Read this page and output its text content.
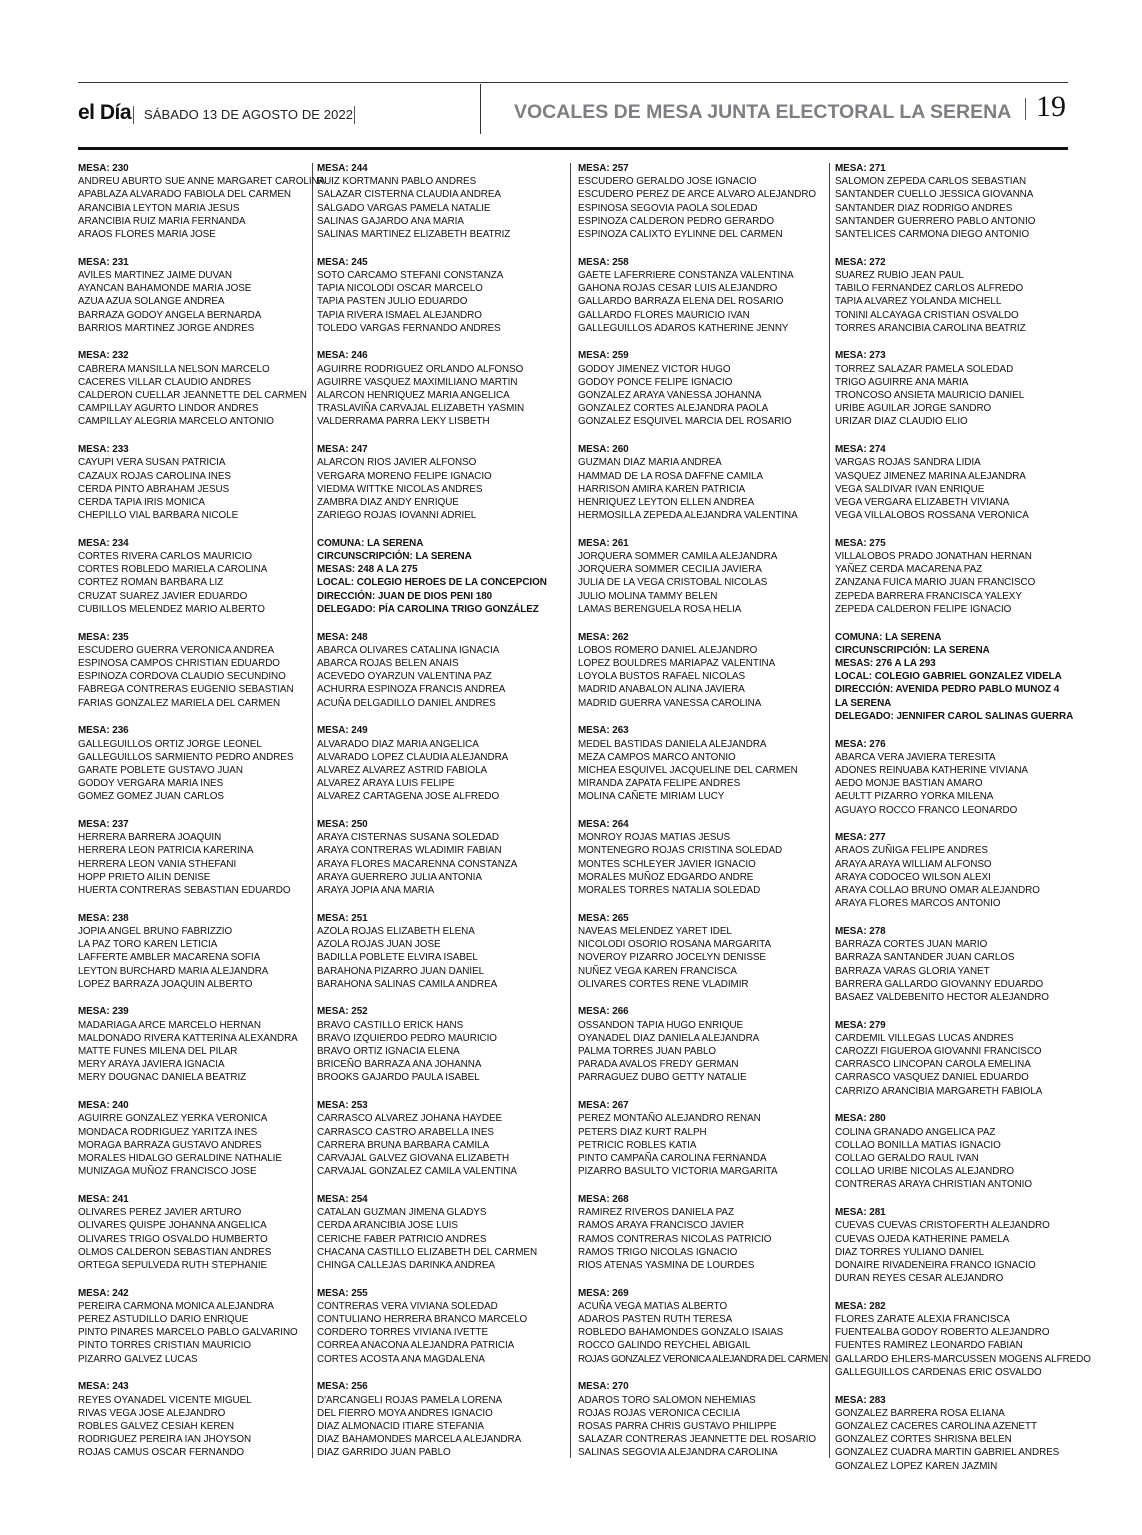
el Día SÁBADO 13 DE AGOSTO DE 2022	VOCALES DE MESA JUNTA ELECTORAL LA SERENA 19
MESA: 230
ANDREU ABURTO SUE ANNE MARGARET CAROLINA
APABLAZA ALVARADO FABIOLA DEL CARMEN
ARANCIBIA LEYTON MARIA JESUS
ARANCIBIA RUIZ MARIA FERNANDA
ARAOS FLORES MARIA JOSE
MESA: 231
AVILES MARTINEZ JAIME DUVAN
AYANCAN BAHAMONDE MARIA JOSE
AZUA AZUA SOLANGE ANDREA
BARRAZA GODOY ANGELA BERNARDA
BARRIOS MARTINEZ JORGE ANDRES
MESA: 232
CABRERA MANSILLA NELSON MARCELO
CACERES VILLAR CLAUDIO ANDRES
CALDERON CUELLAR JEANNETTE DEL CARMEN
CAMPILLAY AGURTO LINDOR ANDRES
CAMPILLAY ALEGRIA MARCELO ANTONIO
MESA: 233
CAYUPI VERA SUSAN PATRICIA
CAZAUX ROJAS CAROLINA INES
CERDA PINTO ABRAHAM JESUS
CERDA TAPIA IRIS MONICA
CHEPILLO VIAL BARBARA NICOLE
MESA: 234
CORTES RIVERA CARLOS MAURICIO
CORTES ROBLEDO MARIELA CAROLINA
CORTEZ ROMAN BARBARA LIZ
CRUZAT SUAREZ JAVIER EDUARDO
CUBILLOS MELENDEZ MARIO ALBERTO
MESA: 235
ESCUDERO GUERRA VERONICA ANDREA
ESPINOSA CAMPOS CHRISTIAN EDUARDO
ESPINOZA CORDOVA CLAUDIO SECUNDINO
FABREGA CONTRERAS EUGENIO SEBASTIAN
FARIAS GONZALEZ MARIELA DEL CARMEN
MESA: 236
GALLEGUILLOS ORTIZ JORGE LEONEL
GALLEGUILLOS SARMIENTO PEDRO ANDRES
GARATE POBLETE GUSTAVO JUAN
GODOY VERGARA MARIA INES
GOMEZ GOMEZ JUAN CARLOS
MESA: 237
HERRERA BARRERA JOAQUIN
HERRERA LEON PATRICIA KARERINA
HERRERA LEON VANIA STHEFANI
HOPP PRIETO AILIN DENISE
HUERTA CONTRERAS SEBASTIAN EDUARDO
MESA: 238
JOPIA ANGEL BRUNO FABRIZZIO
LA PAZ TORO KAREN LETICIA
LAFFERTE AMBLER MACARENA SOFIA
LEYTON BURCHARD MARIA ALEJANDRA
LOPEZ BARRAZA JOAQUIN ALBERTO
MESA: 239
MADARIAGA ARCE MARCELO HERNAN
MALDONADO RIVERA KATTERINA ALEXANDRA
MATTE FUNES MILENA DEL PILAR
MERY ARAYA JAVIERA IGNACIA
MERY DOUGNAC DANIELA BEATRIZ
MESA: 240
AGUIRRE GONZALEZ YERKA VERONICA
MONDACA RODRIGUEZ YARITZA INES
MORAGA BARRAZA GUSTAVO ANDRES
MORALES HIDALGO GERALDINE NATHALIE
MUNIZAGA MUÑOZ FRANCISCO JOSE
MESA: 241
OLIVARES PEREZ JAVIER ARTURO
OLIVARES QUISPE JOHANNA ANGELICA
OLIVARES TRIGO OSVALDO HUMBERTO
OLMOS CALDERON SEBASTIAN ANDRES
ORTEGA SEPULVEDA RUTH STEPHANIE
MESA: 242
PEREIRA CARMONA MONICA ALEJANDRA
PEREZ ASTUDILLO DARIO ENRIQUE
PINTO PINARES MARCELO PABLO GALVARINO
PINTO TORRES CRISTIAN MAURICIO
PIZARRO GALVEZ LUCAS
MESA: 243
REYES OYANADEL VICENTE MIGUEL
RIVAS VEGA JOSE ALEJANDRO
ROBLES GALVEZ CESIAH KEREN
RODRIGUEZ PEREIRA IAN JHOYSON
ROJAS CAMUS OSCAR FERNANDO
MESA: 244
RUIZ KORTMANN PABLO ANDRES
SALAZAR CISTERNA CLAUDIA ANDREA
SALGADO VARGAS PAMELA NATALIE
SALINAS GAJARDO ANA MARIA
SALINAS MARTINEZ ELIZABETH BEATRIZ
MESA: 245
SOTO CARCAMO STEFANI CONSTANZA
TAPIA NICOLODI OSCAR MARCELO
TAPIA PASTEN JULIO EDUARDO
TAPIA RIVERA ISMAEL ALEJANDRO
TOLEDO VARGAS FERNANDO ANDRES
MESA: 246
AGUIRRE RODRIGUEZ ORLANDO ALFONSO
AGUIRRE VASQUEZ MAXIMILIANO MARTIN
ALARCON HENRIQUEZ MARIA ANGELICA
TRASLAVIÑA CARVAJAL ELIZABETH YASMIN
VALDERRAMA PARRA LEKY LISBETH
MESA: 247
ALARCON RIOS JAVIER ALFONSO
VERGARA MORENO FELIPE IGNACIO
VIEDMA WITTKE NICOLAS ANDRES
ZAMBRA DIAZ ANDY ENRIQUE
ZARIEGO ROJAS IOVANNI ADRIEL
COMUNA: LA SERENA
CIRCUNSCRIPCIÓN: LA SERENA
MESAS: 248 A LA 275
LOCAL: COLEGIO HEROES DE LA CONCEPCION
DIRECCIÓN: JUAN DE DIOS PENI 180
DELEGADO: PÍA CAROLINA TRIGO GONZÁLEZ
MESA: 248
ABARCA OLIVARES CATALINA IGNACIA
ABARCA ROJAS BELEN ANAIS
ACEVEDO OYARZUN VALENTINA PAZ
ACHURRA ESPINOZA FRANCIS ANDREA
ACUÑA DELGADILLO DANIEL ANDRES
MESA: 249
ALVARADO DIAZ MARIA ANGELICA
ALVARADO LOPEZ CLAUDIA ALEJANDRA
ALVAREZ ALVAREZ ASTRID FABIOLA
ALVAREZ ARAYA LUIS FELIPE
ALVAREZ CARTAGENA JOSE ALFREDO
MESA: 250
ARAYA CISTERNAS SUSANA SOLEDAD
ARAYA CONTRERAS WLADIMIR FABIAN
ARAYA FLORES MACARENNA CONSTANZA
ARAYA GUERRERO JULIA ANTONIA
ARAYA JOPIA ANA MARIA
MESA: 251
AZOLA ROJAS ELIZABETH ELENA
AZOLA ROJAS JUAN JOSE
BADILLA POBLETE ELVIRA ISABEL
BARAHONA PIZARRO JUAN DANIEL
BARAHONA SALINAS CAMILA ANDREA
MESA: 252
BRAVO CASTILLO ERICK HANS
BRAVO IZQUIERDO PEDRO MAURICIO
BRAVO ORTIZ IGNACIA ELENA
BRICEÑO BARRAZA ANA JOHANNA
BROOKS GAJARDO PAULA ISABEL
MESA: 253
CARRASCO ALVAREZ JOHANA HAYDEE
CARRASCO CASTRO ARABELLA INES
CARRERA BRUNA BARBARA CAMILA
CARVAJAL GALVEZ GIOVANA ELIZABETH
CARVAJAL GONZALEZ CAMILA VALENTINA
MESA: 254
CATALAN GUZMAN JIMENA GLADYS
CERDA ARANCIBIA JOSE LUIS
CERICHE FABER PATRICIO ANDRES
CHACANA CASTILLO ELIZABETH DEL CARMEN
CHINGA CALLEJAS DARINKA ANDREA
MESA: 255
CONTRERAS VERA VIVIANA SOLEDAD
CONTULIANO HERRERA BRANCO MARCELO
CORDERO TORRES VIVIANA IVETTE
CORREA ANACONA ALEJANDRA PATRICIA
CORTES ACOSTA ANA MAGDALENA
MESA: 256
D'ARCANGELI ROJAS PAMELA LORENA
DEL FIERRO MOYA ANDRES IGNACIO
DIAZ ALMONACID ITIARE STEFANIA
DIAZ BAHAMONDES MARCELA ALEJANDRA
DIAZ GARRIDO JUAN PABLO
MESA: 257
ESCUDERO GERALDO JOSE IGNACIO
ESCUDERO PEREZ DE ARCE ALVARO ALEJANDRO
ESPINOSA SEGOVIA PAOLA SOLEDAD
ESPINOZA CALDERON PEDRO GERARDO
ESPINOZA CALIXTO EYLINNE DEL CARMEN
MESA: 258
GAETE LAFERRIERE CONSTANZA VALENTINA
GAHONA ROJAS CESAR LUIS ALEJANDRO
GALLARDO BARRAZA ELENA DEL ROSARIO
GALLARDO FLORES MAURICIO IVAN
GALLEGUILLOS ADAROS KATHERINE JENNY
MESA: 259
GODOY JIMENEZ VICTOR HUGO
GODOY PONCE FELIPE IGNACIO
GONZALEZ ARAYA VANESSA JOHANNA
GONZALEZ CORTES ALEJANDRA PAOLA
GONZALEZ ESQUIVEL MARCIA DEL ROSARIO
MESA: 260
GUZMAN DIAZ MARIA ANDREA
HAMMAD DE LA ROSA DAFFNE CAMILA
HARRISON AMIRA KAREN PATRICIA
HENRIQUEZ LEYTON ELLEN ANDREA
HERMOSILLA ZEPEDA ALEJANDRA VALENTINA
MESA: 261
JORQUERA SOMMER CAMILA ALEJANDRA
JORQUERA SOMMER CECILIA JAVIERA
JULIA DE LA VEGA CRISTOBAL NICOLAS
JULIO MOLINA TAMMY BELEN
LAMAS BERENGUELA ROSA HELIA
MESA: 262
LOBOS ROMERO DANIEL ALEJANDRO
LOPEZ BOULDRES MARIAPAZ VALENTINA
LOYOLA BUSTOS RAFAEL NICOLAS
MADRID ANABALON ALINA JAVIERA
MADRID GUERRA VANESSA CAROLINA
MESA: 263
MEDEL BASTIDAS DANIELA ALEJANDRA
MEZA CAMPOS MARCO ANTONIO
MICHEA ESQUIVEL JACQUELINE DEL CARMEN
MIRANDA ZAPATA FELIPE ANDRES
MOLINA CAÑETE MIRIAM LUCY
MESA: 264
MONROY ROJAS MATIAS JESUS
MONTENEGRO ROJAS CRISTINA SOLEDAD
MONTES SCHLEYER JAVIER IGNACIO
MORALES MUÑOZ EDGARDO ANDRE
MORALES TORRES NATALIA SOLEDAD
MESA: 265
NAVEAS MELENDEZ YARET IDEL
NICOLODI OSORIO ROSANA MARGARITA
NOVEROY PIZARRO JOCELYN DENISSE
NUÑEZ VEGA KAREN FRANCISCA
OLIVARES CORTES RENE VLADIMIR
MESA: 266
OSSANDON TAPIA HUGO ENRIQUE
OYANADEL DIAZ DANIELA ALEJANDRA
PALMA TORRES JUAN PABLO
PARADA AVALOS FREDY GERMAN
PARRAGUEZ DUBO GETTY NATALIE
MESA: 267
PEREZ MONTAÑO ALEJANDRO RENAN
PETERS DIAZ KURT RALPH
PETRICIC ROBLES KATIA
PINTO CAMPAÑA CAROLINA FERNANDA
PIZARRO BASULTO VICTORIA MARGARITA
MESA: 268
RAMIREZ RIVEROS DANIELA PAZ
RAMOS ARAYA FRANCISCO JAVIER
RAMOS CONTRERAS NICOLAS PATRICIO
RAMOS TRIGO NICOLAS IGNACIO
RIOS ATENAS YASMINA DE LOURDES
MESA: 269
ACUÑA VEGA MATIAS ALBERTO
ADAROS PASTEN RUTH TERESA
ROBLEDO BAHAMONDES GONZALO ISAIAS
ROCCO GALINDO REYCHEL ABIGAIL
ROJAS GONZALEZ VERONICA ALEJANDRA DEL CARMEN
MESA: 270
ADAROS TORO SALOMON NEHEMIAS
ROJAS ROJAS VERONICA CECILIA
ROSAS PARRA CHRIS GUSTAVO PHILIPPE
SALAZAR CONTRERAS JEANNETTE DEL ROSARIO
SALINAS SEGOVIA ALEJANDRA CAROLINA
MESA: 271
SALOMON ZEPEDA CARLOS SEBASTIAN
SANTANDER CUELLO JESSICA GIOVANNA
SANTANDER DIAZ RODRIGO ANDRES
SANTANDER GUERRERO PABLO ANTONIO
SANTELICES CARMONA DIEGO ANTONIO
MESA: 272
SUAREZ RUBIO JEAN PAUL
TABILO FERNANDEZ CARLOS ALFREDO
TAPIA ALVAREZ YOLANDA MICHELL
TONINI ALCAYAGA CRISTIAN OSVALDO
TORRES ARANCIBIA CAROLINA BEATRIZ
MESA: 273
TORREZ SALAZAR PAMELA SOLEDAD
TRIGO AGUIRRE ANA MARIA
TRONCOSO ANSIETA MAURICIO DANIEL
URIBE AGUILAR JORGE SANDRO
URIZAR DIAZ CLAUDIO ELIO
MESA: 274
VARGAS ROJAS SANDRA LIDIA
VASQUEZ JIMENEZ MARINA ALEJANDRA
VEGA SALDIVAR IVAN ENRIQUE
VEGA VERGARA ELIZABETH VIVIANA
VEGA VILLALOBOS ROSSANA VERONICA
MESA: 275
VILLALOBOS PRADO JONATHAN HERNAN
YAÑEZ CERDA MACARENA PAZ
ZANZANA FUICA MARIO JUAN FRANCISCO
ZEPEDA BARRERA FRANCISCA YALEXY
ZEPEDA CALDERON FELIPE IGNACIO
COMUNA: LA SERENA
CIRCUNSCRIPCIÓN: LA SERENA
MESAS: 276 A LA 293
LOCAL: COLEGIO GABRIEL GONZALEZ VIDELA
DIRECCIÓN: AVENIDA PEDRO PABLO MUNOZ 4
LA SERENA
DELEGADO: JENNIFER CAROL SALINAS GUERRA
MESA: 276
ABARCA VERA JAVIERA TERESITA
ADONES REINUABA KATHERINE VIVIANA
AEDO MONJE BASTIAN AMARO
AEULTT PIZARRO YORKA MILENA
AGUAYO ROCCO FRANCO LEONARDO
MESA: 277
ARAOS ZUÑIGA FELIPE ANDRES
ARAYA ARAYA WILLIAM ALFONSO
ARAYA CODOCEO WILSON ALEXI
ARAYA COLLAO BRUNO OMAR ALEJANDRO
ARAYA FLORES MARCOS ANTONIO
MESA: 278
BARRAZA CORTES JUAN MARIO
BARRAZA SANTANDER JUAN CARLOS
BARRAZA VARAS GLORIA YANET
BARRERA GALLARDO GIOVANNY EDUARDO
BASAEZ VALDEBENITO HECTOR ALEJANDRO
MESA: 279
CARDEMIL VILLEGAS LUCAS ANDRES
CAROZZI FIGUEROA GIOVANNI FRANCISCO
CARRASCO LINCOPAN CAROLA EMELINA
CARRASCO VASQUEZ DANIEL EDUARDO
CARRIZO ARANCIBIA MARGARETH FABIOLA
MESA: 280
COLINA GRANADO ANGELICA PAZ
COLLAO BONILLA MATIAS IGNACIO
COLLAO GERALDO RAUL IVAN
COLLAO URIBE NICOLAS ALEJANDRO
CONTRERAS ARAYA CHRISTIAN ANTONIO
MESA: 281
CUEVAS CUEVAS CRISTOFERTH ALEJANDRO
CUEVAS OJEDA KATHERINE PAMELA
DIAZ TORRES YULIANO DANIEL
DONAIRE RIVADENEIRA FRANCO IGNACIO
DURAN REYES CESAR ALEJANDRO
MESA: 282
FLORES ZARATE ALEXIA FRANCISCA
FUENTEALBA GODOY ROBERTO ALEJANDRO
FUENTES RAMIREZ LEONARDO FABIAN
GALLARDO EHLERS-MARCUSSEN MOGENS ALFREDO
GALLEGUILLOS CARDENAS ERIC OSVALDO
MESA: 283
GONZALEZ BARRERA ROSA ELIANA
GONZALEZ CACERES CAROLINA AZENETT
GONZALEZ CORTES SHRISNA BELEN
GONZALEZ CUADRA MARTIN GABRIEL ANDRES
GONZALEZ LOPEZ KAREN JAZMIN
